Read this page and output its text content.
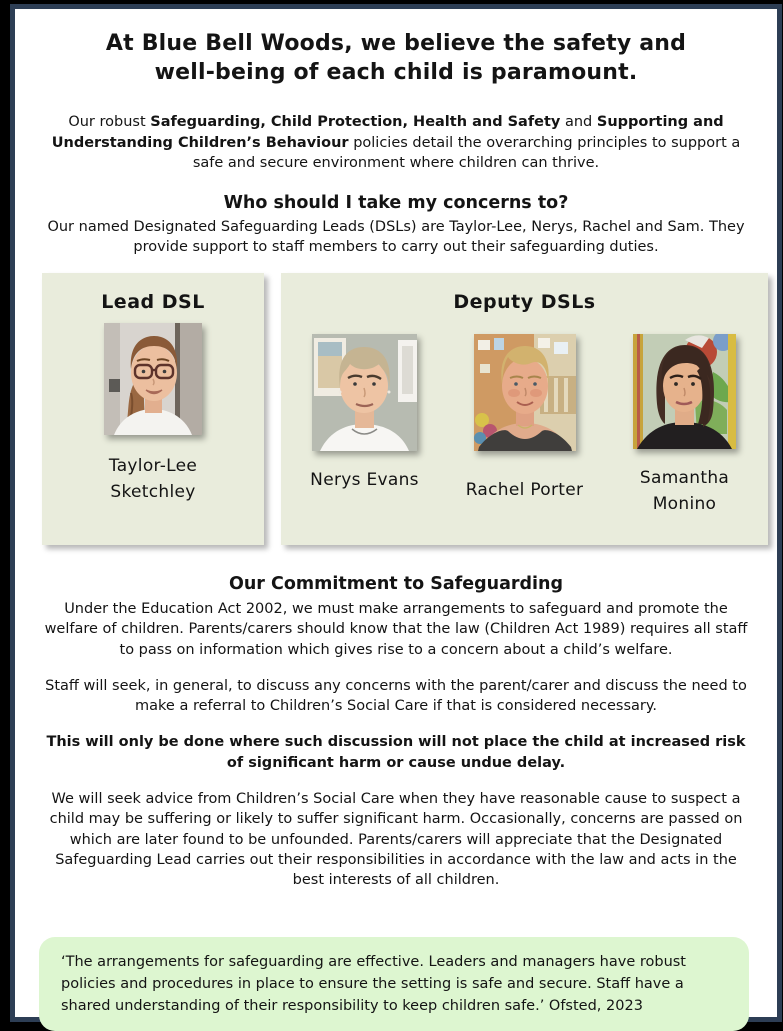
At Blue Bell Woods, we believe the safety and
well-being of each child is paramount.

Our robust Safeguarding, Child Protection, Health and Safety and Supporting and Understanding Children’s Behaviour policies detail the overarching principles to support a safe and secure environment where children can thrive.

Who should I take my concerns to?

Our named Designated Safeguarding Leads (DSLs) are Taylor-Lee, Nerys, Rachel and Sam. They provide support to staff members to carry out their safeguarding duties.

Lead DSL
Taylor-Lee Sketchley
Deputy DSLs
Nerys Evans	Rachel Porter
Samantha Monino
Our Commitment to Safeguarding

Under the Education Act 2002, we must make arrangements to safeguard and promote the welfare of children. Parents/carers should know that the law (Children Act 1989) requires all staff to pass on information which gives rise to a concern about a child’s welfare.

Staff will seek, in general, to discuss any concerns with the parent/carer and discuss the need to make a referral to Children’s Social Care if that is considered necessary.

This will only be done where such discussion will not place the child at increased risk of significant harm or cause undue delay.

We will seek advice from Children’s Social Care when they have reasonable cause to suspect a child may be suffering or likely to suffer significant harm. Occasionally, concerns are passed on which are later found to be unfounded. Parents/carers will appreciate that the Designated Safeguarding Lead carries out their responsibilities in accordance with the law and acts in the best interests of all children.

‘The arrangements for safeguarding are effective. Leaders and managers have robust policies and procedures in place to ensure the setting is safe and secure. Staff have a shared understanding of their responsibility to keep children safe.’ Ofsted, 2023
